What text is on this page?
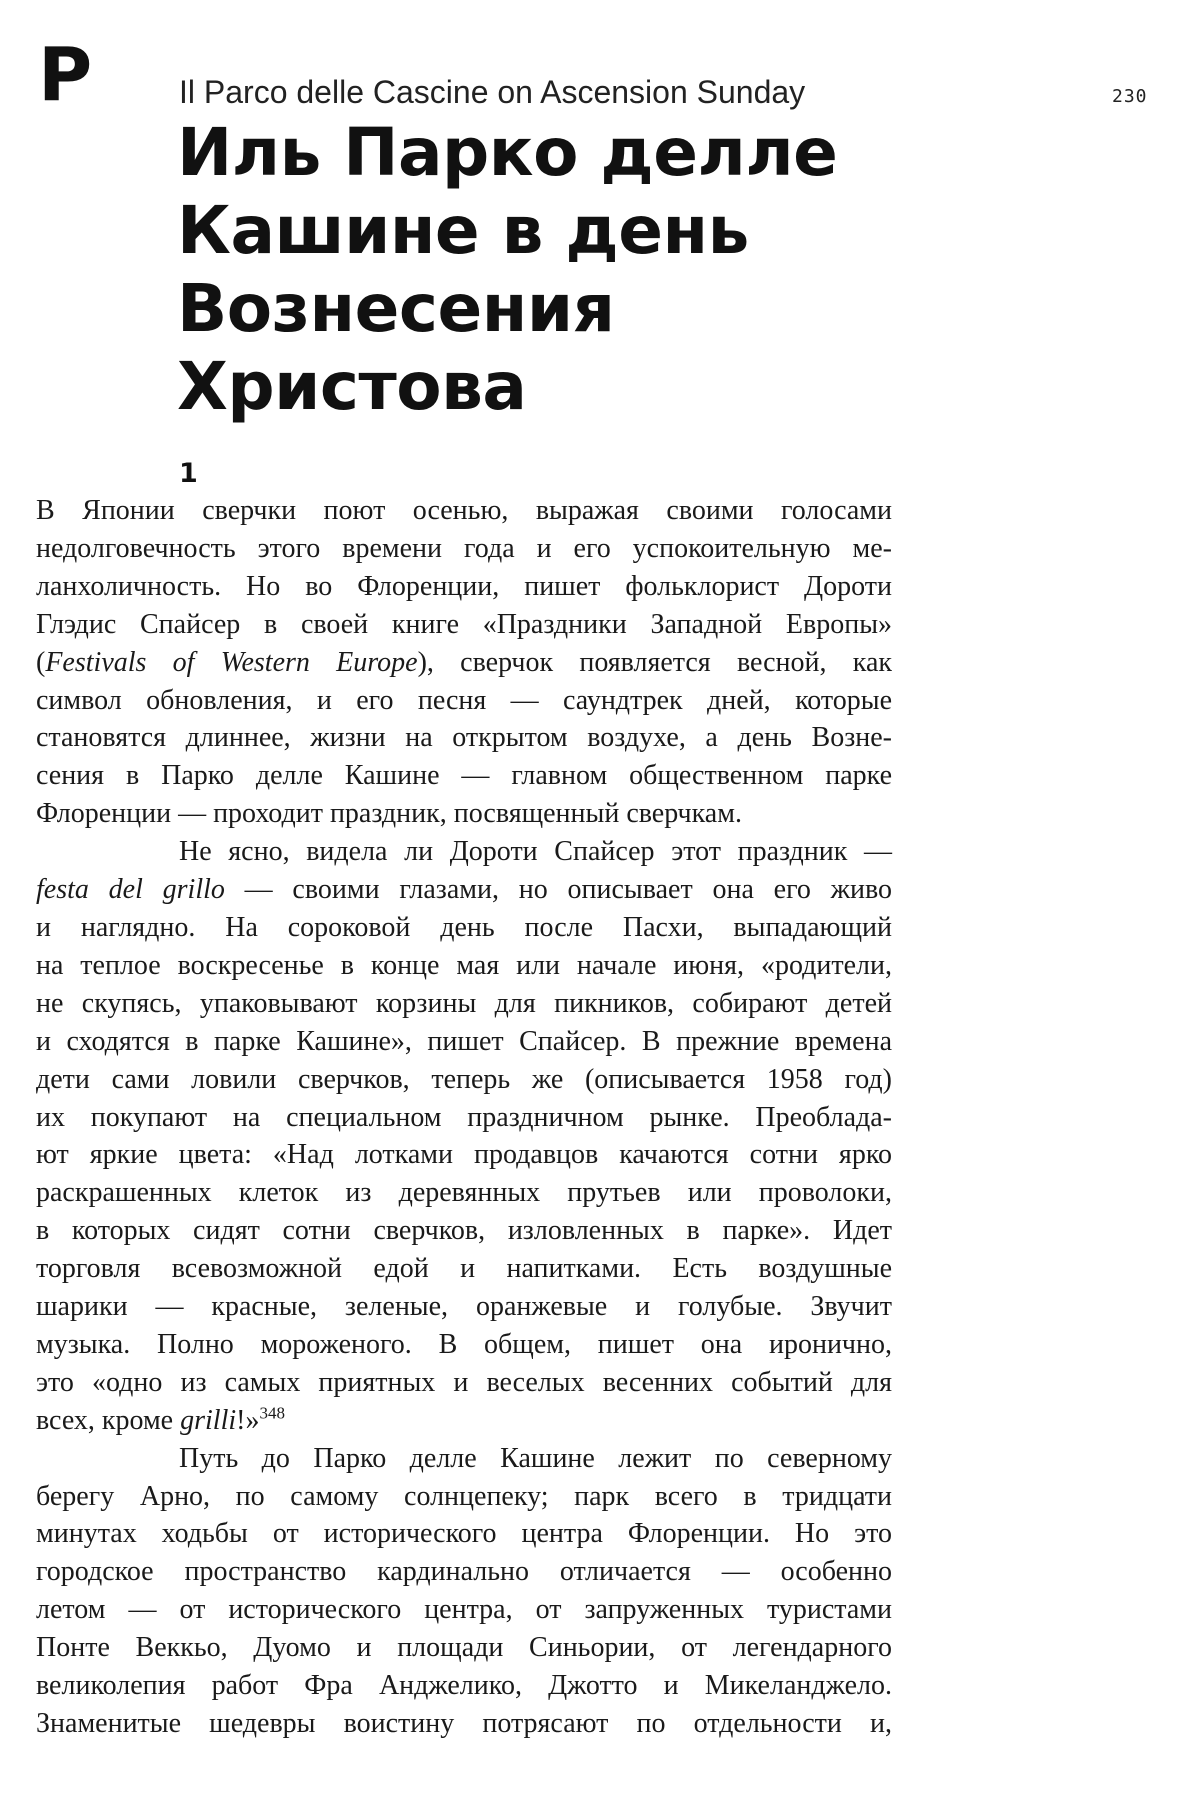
P	230
Il Parco delle Cascine on Ascension Sunday
Иль Парко делле
Кашине в день
Вознесения
Христова
1
В Японии сверчки поют осенью, выражая своими голосами
недолговечность этого времени года и его успокоительную ме-
ланхоличность. Но во Флоренции, пишет фольклорист Дороти
Глэдис Спайсер в своей книге «Праздники Западной Европы»
(Festivals of Western Europe), сверчок появляется весной, как
символ обновления, и его песня — саундтрек дней, которые
становятся длиннее, жизни на открытом воздухе, а день Возне-
сения в Парко делле Кашине — главном общественном парке
Флоренции — проходит праздник, посвященный сверчкам.
Не ясно, видела ли Дороти Спайсер этот праздник —
festa del grillo — своими глазами, но описывает она его живо
и наглядно. На сороковой день после Пасхи, выпадающий
на теплое воскресенье в конце мая или начале июня, «родители,
не скупясь, упаковывают корзины для пикников, собирают детей
и сходятся в парке Кашине», пишет Спайсер. В прежние времена
дети сами ловили сверчков, теперь же (описывается 1958 год)
их покупают на специальном праздничном рынке. Преоблада-
ют яркие цвета: «Над лотками продавцов качаются сотни ярко
раскрашенных клеток из деревянных прутьев или проволоки,
в которых сидят сотни сверчков, изловленных в парке». Идет
торговля всевозможной едой и напитками. Есть воздушные
шарики — красные, зеленые, оранжевые и голубые. Звучит
музыка. Полно мороженого. В общем, пишет она иронично,
это «одно из самых приятных и веселых весенних событий для
всех, кроме grilli!»$^{348}$
Путь до Парко делле Кашине лежит по северному
берегу Арно, по самому солнцепеку; парк всего в тридцати
минутах ходьбы от исторического центра Флоренции. Но это
городское пространство кардинально отличается — особенно
летом — от исторического центра, от запруженных туристами
Понте Веккьо, Дуомо и площади Синьории, от легендарного
великолепия работ Фра Анджелико, Джотто и Микеланджело.
Знаменитые шедевры воистину потрясают по отдельности и,
